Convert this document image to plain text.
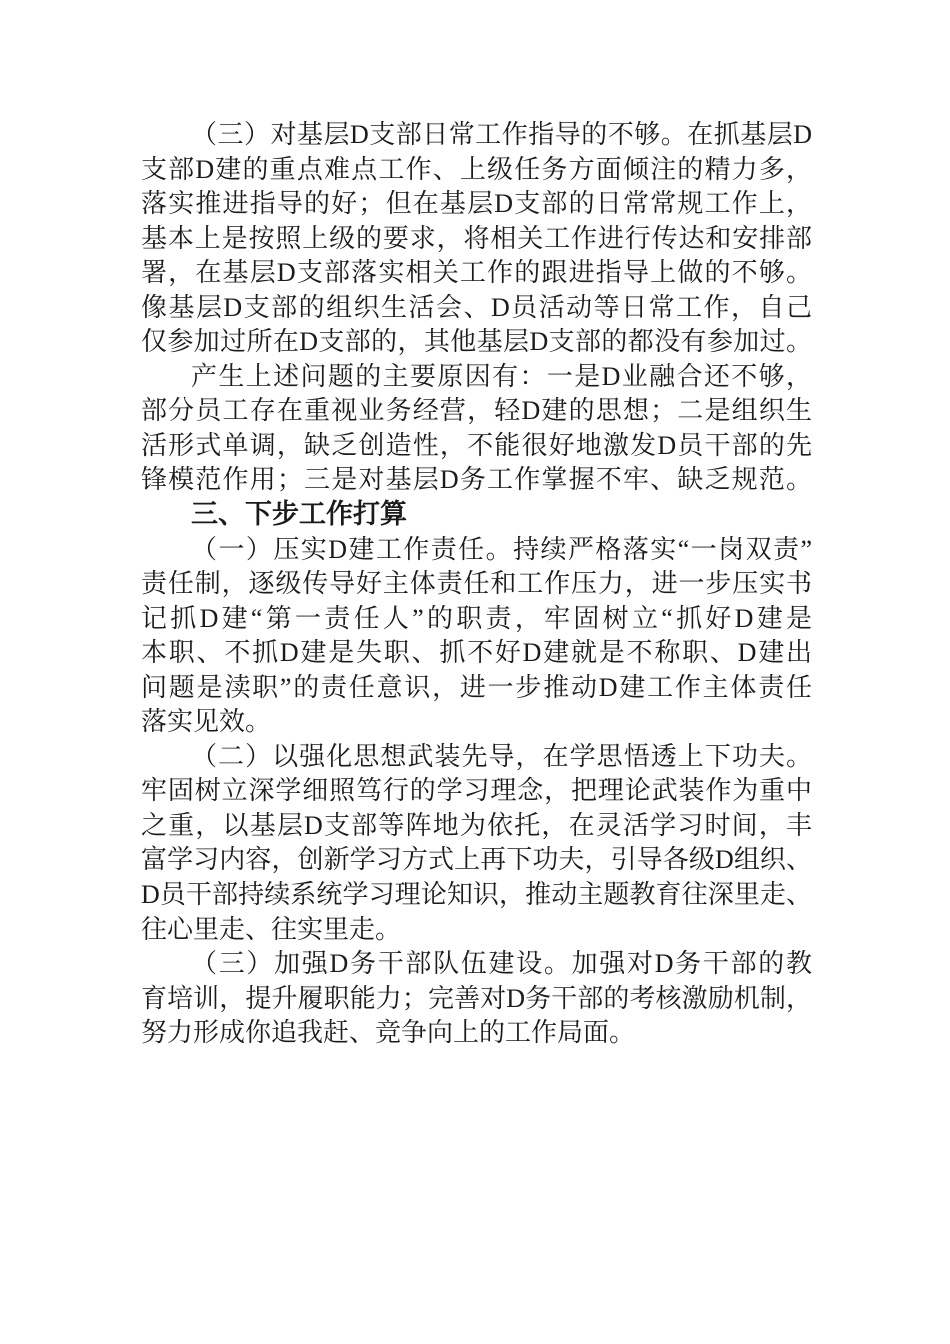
（三）对基层D支部日常工作指导的不够。在抓基层D
支部D建的重点难点工作、上级任务方面倾注的精力多，
落实推进指导的好；但在基层D支部的日常常规工作上，
基本上是按照上级的要求，将相关工作进行传达和安排部
署，在基层D支部落实相关工作的跟进指导上做的不够。
像基层D支部的组织生活会、D员活动等日常工作，自己
仅参加过所在D支部的，其他基层D支部的都没有参加过。
产生上述问题的主要原因有：一是D业融合还不够，
部分员工存在重视业务经营，轻D建的思想；二是组织生
活形式单调，缺乏创造性，不能很好地激发D员干部的先
锋模范作用；三是对基层D务工作掌握不牢、缺乏规范。
三、下步工作打算
（一）压实D建工作责任。持续严格落实“一岗双责”
责任制，逐级传导好主体责任和工作压力，进一步压实书
记抓D建“第一责任人”的职责，牢固树立“抓好D建是
本职、不抓D建是失职、抓不好D建就是不称职、D建出
问题是渎职”的责任意识，进一步推动D建工作主体责任
落实见效。
（二）以强化思想武装先导，在学思悟透上下功夫。
牢固树立深学细照笃行的学习理念，把理论武装作为重中
之重，以基层D支部等阵地为依托，在灵活学习时间，丰
富学习内容，创新学习方式上再下功夫，引导各级D组织、
D员干部持续系统学习理论知识，推动主题教育往深里走、
往心里走、往实里走。
（三）加强D务干部队伍建设。加强对D务干部的教
育培训，提升履职能力；完善对D务干部的考核激励机制，
努力形成你追我赶、竞争向上的工作局面。
